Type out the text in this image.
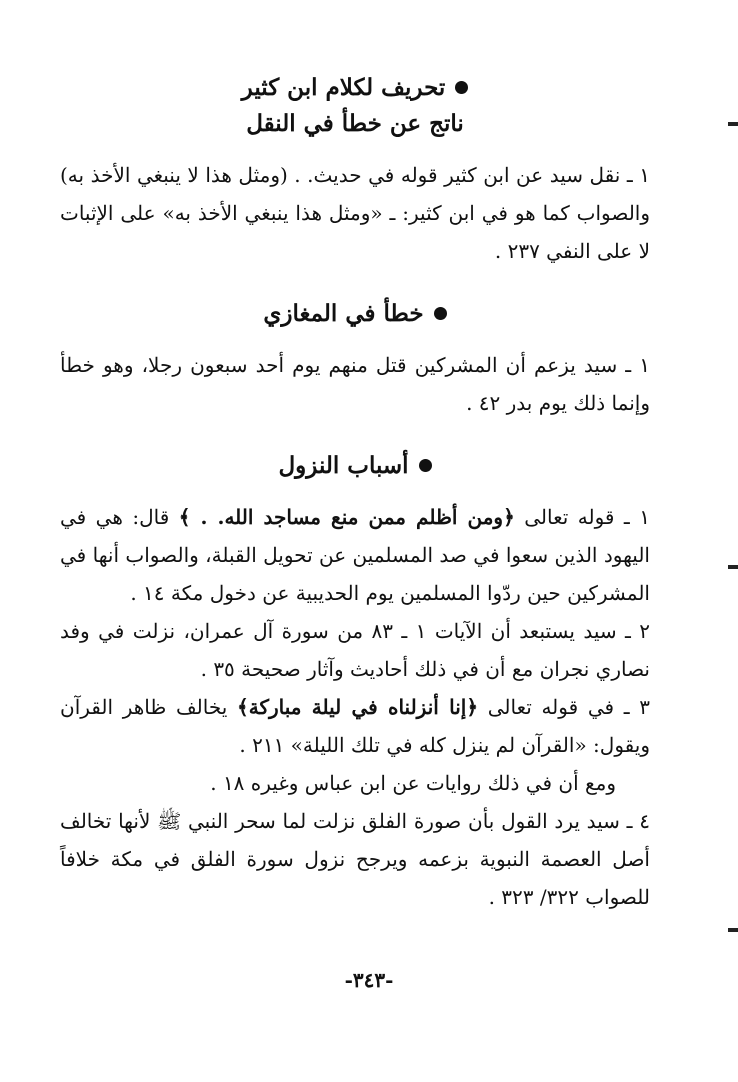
تحريف لكلام ابن كثير
ناتج عن خطأ في النقل

١ ـ نقل سيد عن ابن كثير قوله في حديث. . (ومثل هذا لا ينبغي الأخذ به) والصواب كما هو في ابن كثير: ـ «ومثل هذا ينبغي الأخذ به» على الإثبات لا على النفي ٢٣٧ .

خطأ في المغازي

١ ـ سيد يزعم أن المشركين قتل منهم يوم أحد سبعون رجلا، وهو خطأ وإنما ذلك يوم بدر ٤٢ .

أسباب النزول

١ ـ قوله تعالى ﴿ومن أظلم ممن منع مساجد الله. . ﴾ قال: هي في اليهود الذين سعوا في صد المسلمين عن تحويل القبلة، والصواب أنها في المشركين حين ردّوا المسلمين يوم الحديبية عن دخول مكة ١٤ .

٢ ـ سيد يستبعد أن الآيات ١ ـ ٨٣ من سورة آل عمران، نزلت في وفد نصاري نجران مع أن في ذلك أحاديث وآثار صحيحة ٣٥ .

٣ ـ في قوله تعالى ﴿إنا أنزلناه في ليلة مباركة﴾ يخالف ظاهر القرآن ويقول: «القرآن لم ينزل كله في تلك الليلة» ٢١١ .

ومع أن في ذلك روايات عن ابن عباس وغيره ١٨ .

٤ ـ سيد يرد القول بأن صورة الفلق نزلت لما سحر النبي ﷺ لأنها تخالف أصل العصمة النبوية بزعمه ويرجح نزول سورة الفلق في مكة خلافاً للصواب ٣٢٢/ ٣٢٣ .

-٣٤٣-
